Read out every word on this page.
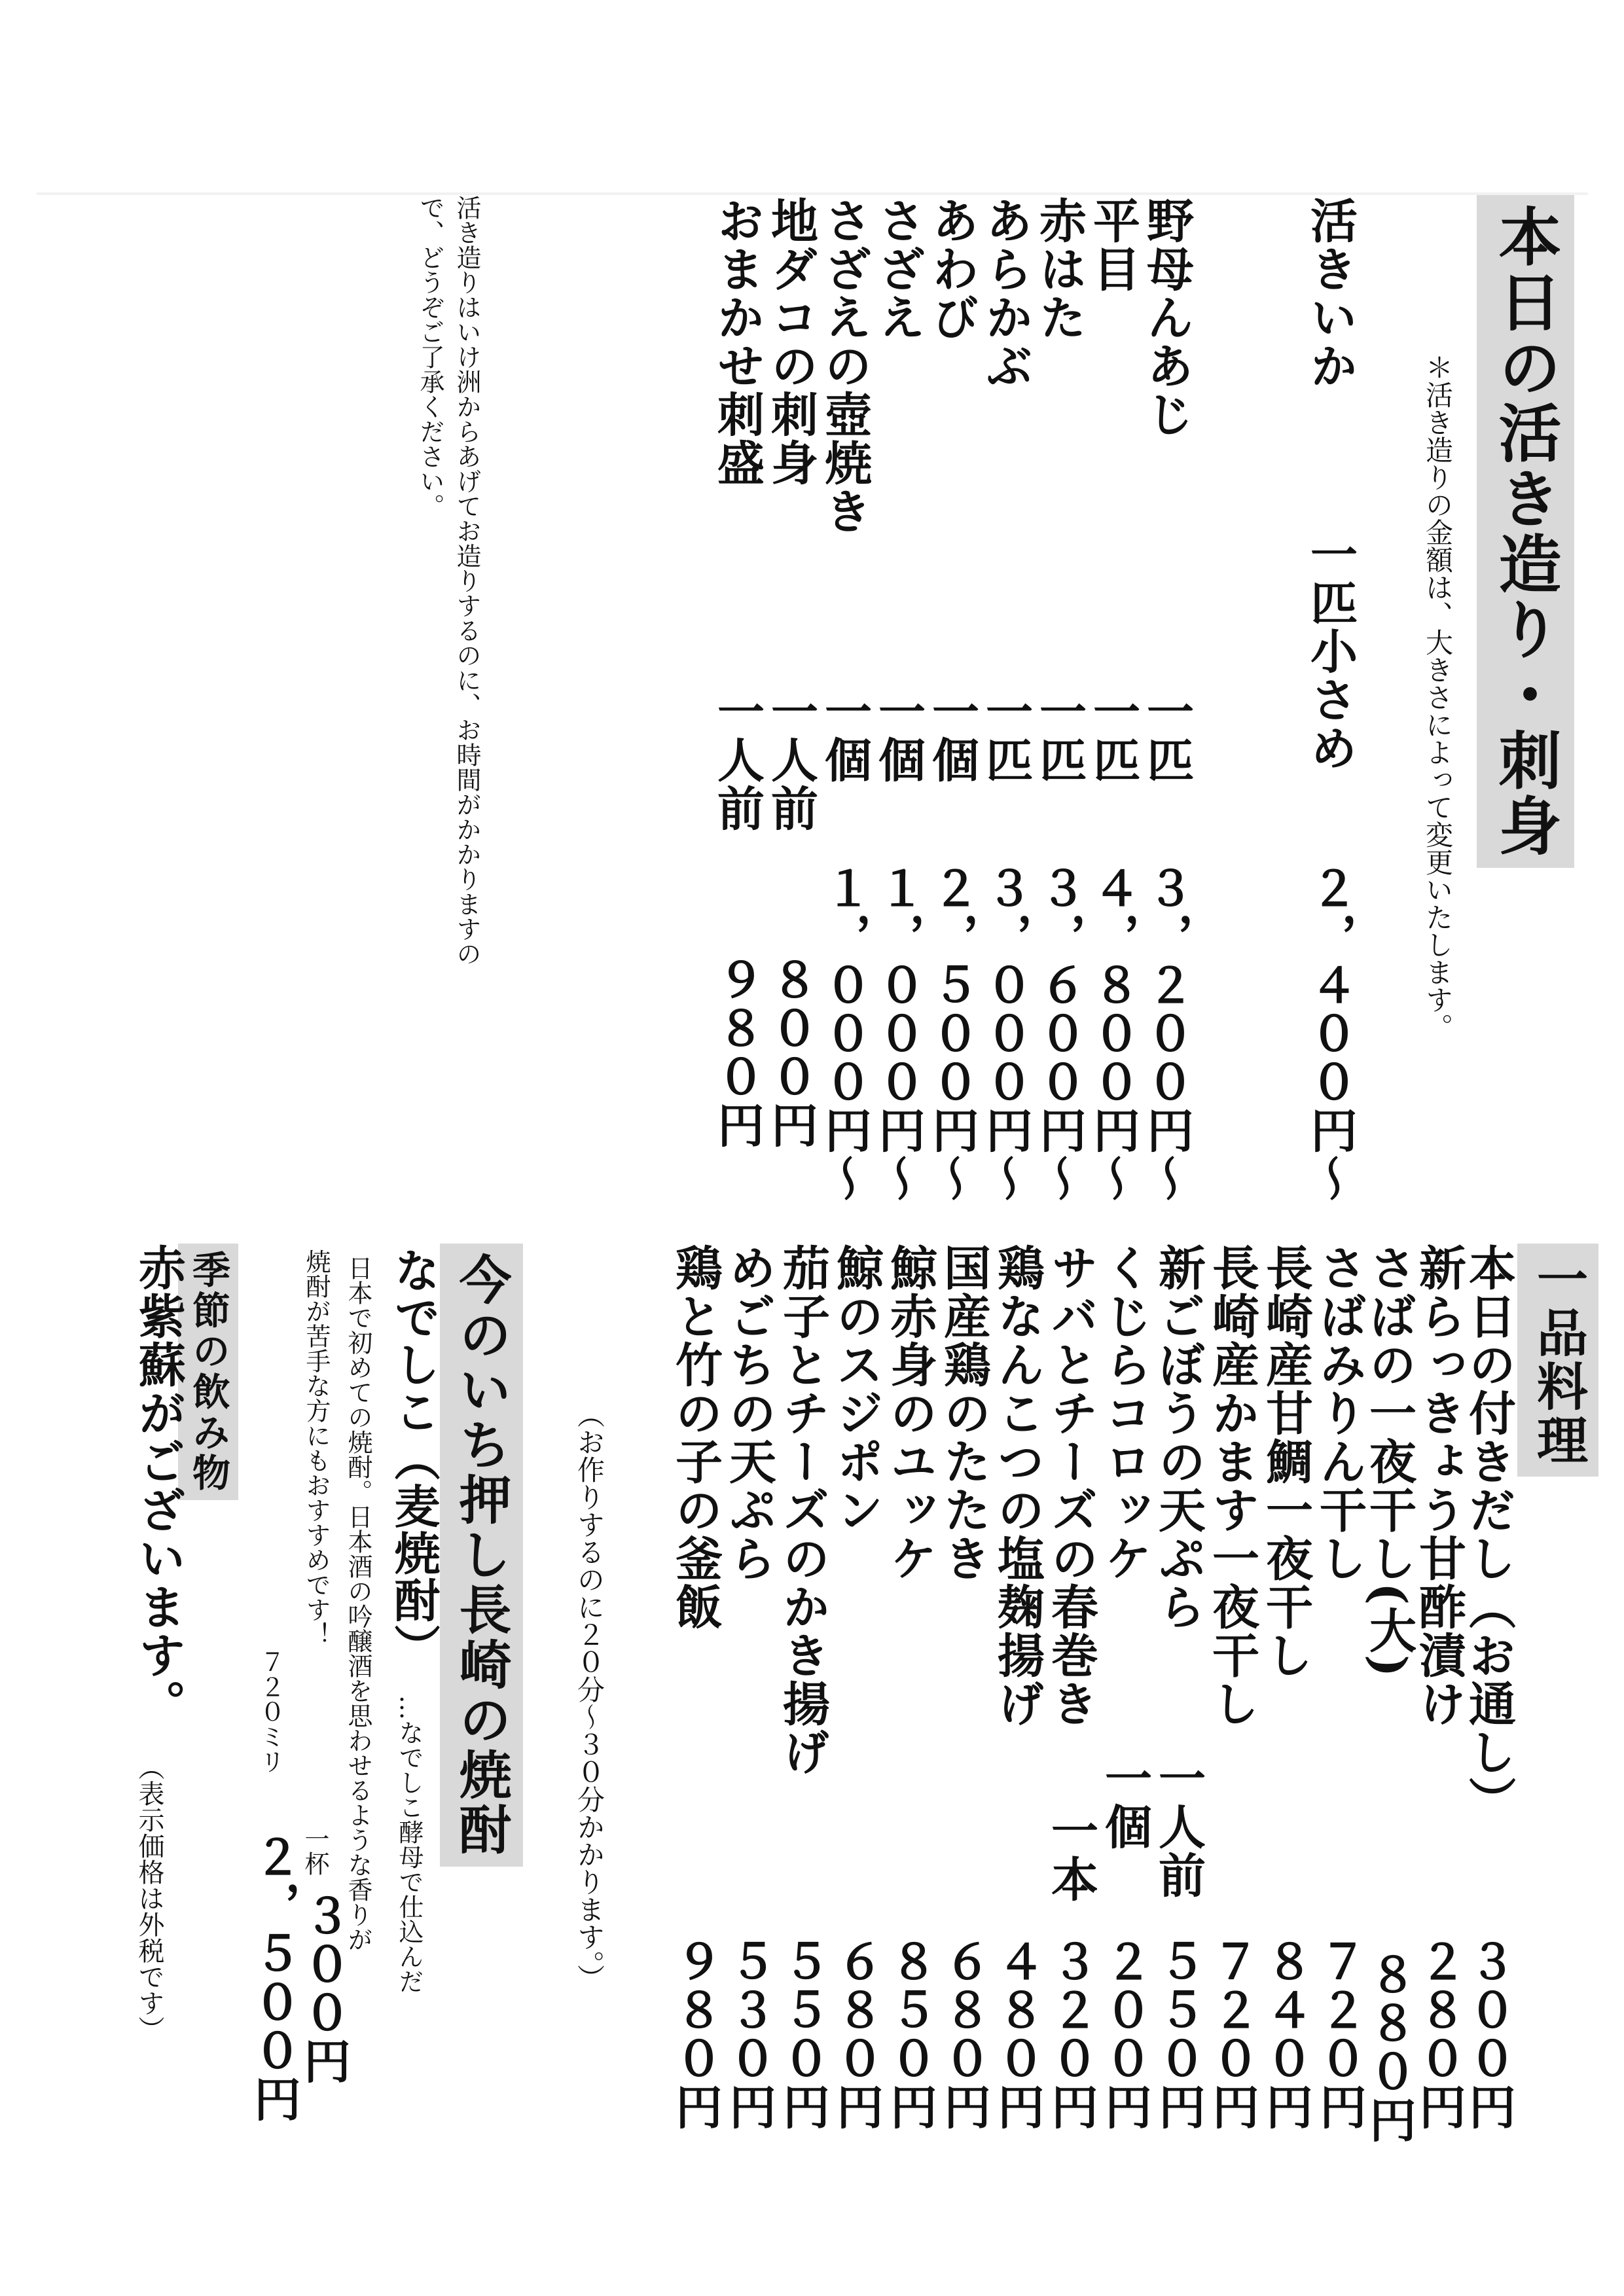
本日の活き造り・刺身
＊活き造りの金額は、大きさによって変更いたします。
活きいか
野母んあじ
平目
赤はた
あらかぶ
あわび
さざえ
さざえの壺焼き
地ダコの刺身
おまかせ刺盛
一匹小さめ
一匹
一匹
一匹
一匹
一個
一個
一個
一人前
一人前
２，４００円～
３，２００円～
４，８００円～
３，６００円～
３，０００円～
２，５００円～
１，０００円～
１，０００円～
８００円
９８０円
活き造りはいけ洲からあげてお造りするのに、お時間がかかりますの
で、どうぞご了承ください。
一品料理
本日の付きだし（お通し）
新らっきょう甘酢漬け
さばの一夜干し(大)
さばみりん干し
長崎産甘鯛一夜干し
長崎産かます一夜干し
新ごぼうの天ぷら
くじらコロッケ
サバとチーズの春巻き
鶏なんこつの塩麹揚げ
国産鶏のたたき
鯨赤身のユッケ
鯨のスジポン
茄子とチーズのかき揚げ
めごちの天ぷら
鶏と竹の子の釜飯
一人前
一個
一本
３００円
２８０円
８８０円
７２０円
８４０円
７２０円
５５０円
２００円
３２０円
４８０円
６８０円
８５０円
６８０円
５５０円
５３０円
９８０円
（お作りするのに２０分～３０分かかります。）
今のいち押し長崎の焼酎
なでしこ（麦焼酎）
…なでしこ酵母で仕込んだ
日本で初めての焼酎。日本酒の吟醸酒を思わせるような香りが
焼酎が苦手な方にもおすすめです！
一杯
３００円
７２０ミリ
２，５００円
季節の飲み物
赤紫蘇がございます。
（表示価格は外税です）
